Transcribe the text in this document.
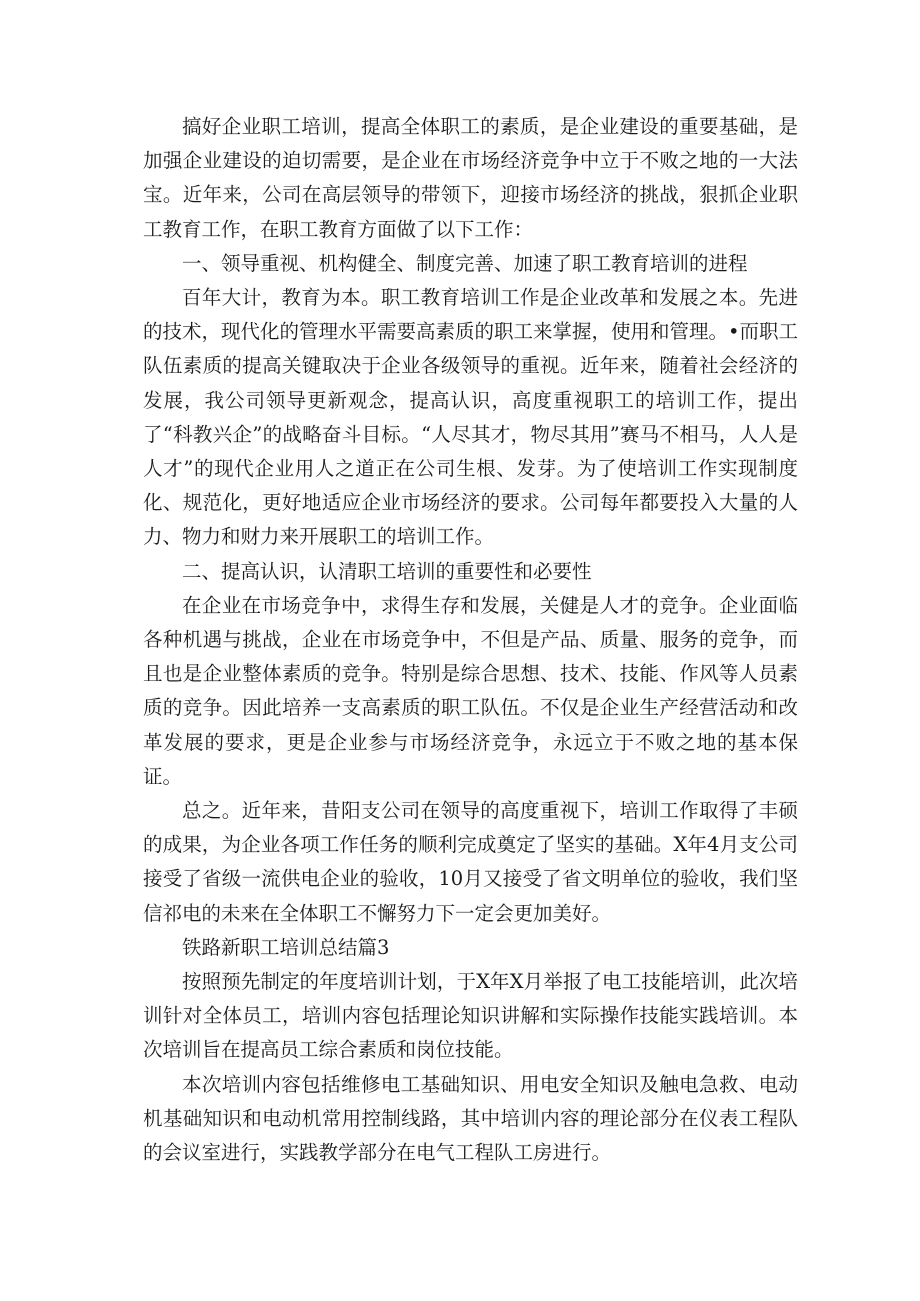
搞好企业职工培训，提高全体职工的素质，是企业建设的重要基础，是加强企业建设的迫切需要，是企业在市场经济竞争中立于不败之地的一大法宝。近年来，公司在高层领导的带领下，迎接市场经济的挑战，狠抓企业职工教育工作，在职工教育方面做了以下工作：

一、领导重视、机构健全、制度完善、加速了职工教育培训的进程

百年大计，教育为本。职工教育培训工作是企业改革和发展之本。先进的技术，现代化的管理水平需要高素质的职工来掌握，使用和管理。•而职工队伍素质的提高关键取决于企业各级领导的重视。近年来，随着社会经济的发展，我公司领导更新观念，提高认识，高度重视职工的培训工作，提出了“科教兴企”的战略奋斗目标。“人尽其才，物尽其用”赛马不相马，人人是人才”的现代企业用人之道正在公司生根、发芽。为了使培训工作实现制度化、规范化，更好地适应企业市场经济的要求。公司每年都要投入大量的人力、物力和财力来开展职工的培训工作。

二、提高认识，认清职工培训的重要性和必要性

在企业在市场竞争中，求得生存和发展，关健是人才的竞争。企业面临各种机遇与挑战，企业在市场竞争中，不但是产品、质量、服务的竞争，而且也是企业整体素质的竞争。特别是综合思想、技术、技能、作风等人员素质的竞争。因此培养一支高素质的职工队伍。不仅是企业生产经营活动和改革发展的要求，更是企业参与市场经济竞争，永远立于不败之地的基本保证。

总之。近年来，昔阳支公司在领导的高度重视下，培训工作取得了丰硕的成果，为企业各项工作任务的顺利完成奠定了坚实的基础。X年4月支公司接受了省级一流供电企业的验收，10月又接受了省文明单位的验收，我们坚信祁电的未来在全体职工不懈努力下一定会更加美好。

铁路新职工培训总结篇3

按照预先制定的年度培训计划，于X年X月举报了电工技能培训，此次培训针对全体员工，培训内容包括理论知识讲解和实际操作技能实践培训。本次培训旨在提高员工综合素质和岗位技能。

本次培训内容包括维修电工基础知识、用电安全知识及触电急救、电动机基础知识和电动机常用控制线路，其中培训内容的理论部分在仪表工程队的会议室进行，实践教学部分在电气工程队工房进行。
